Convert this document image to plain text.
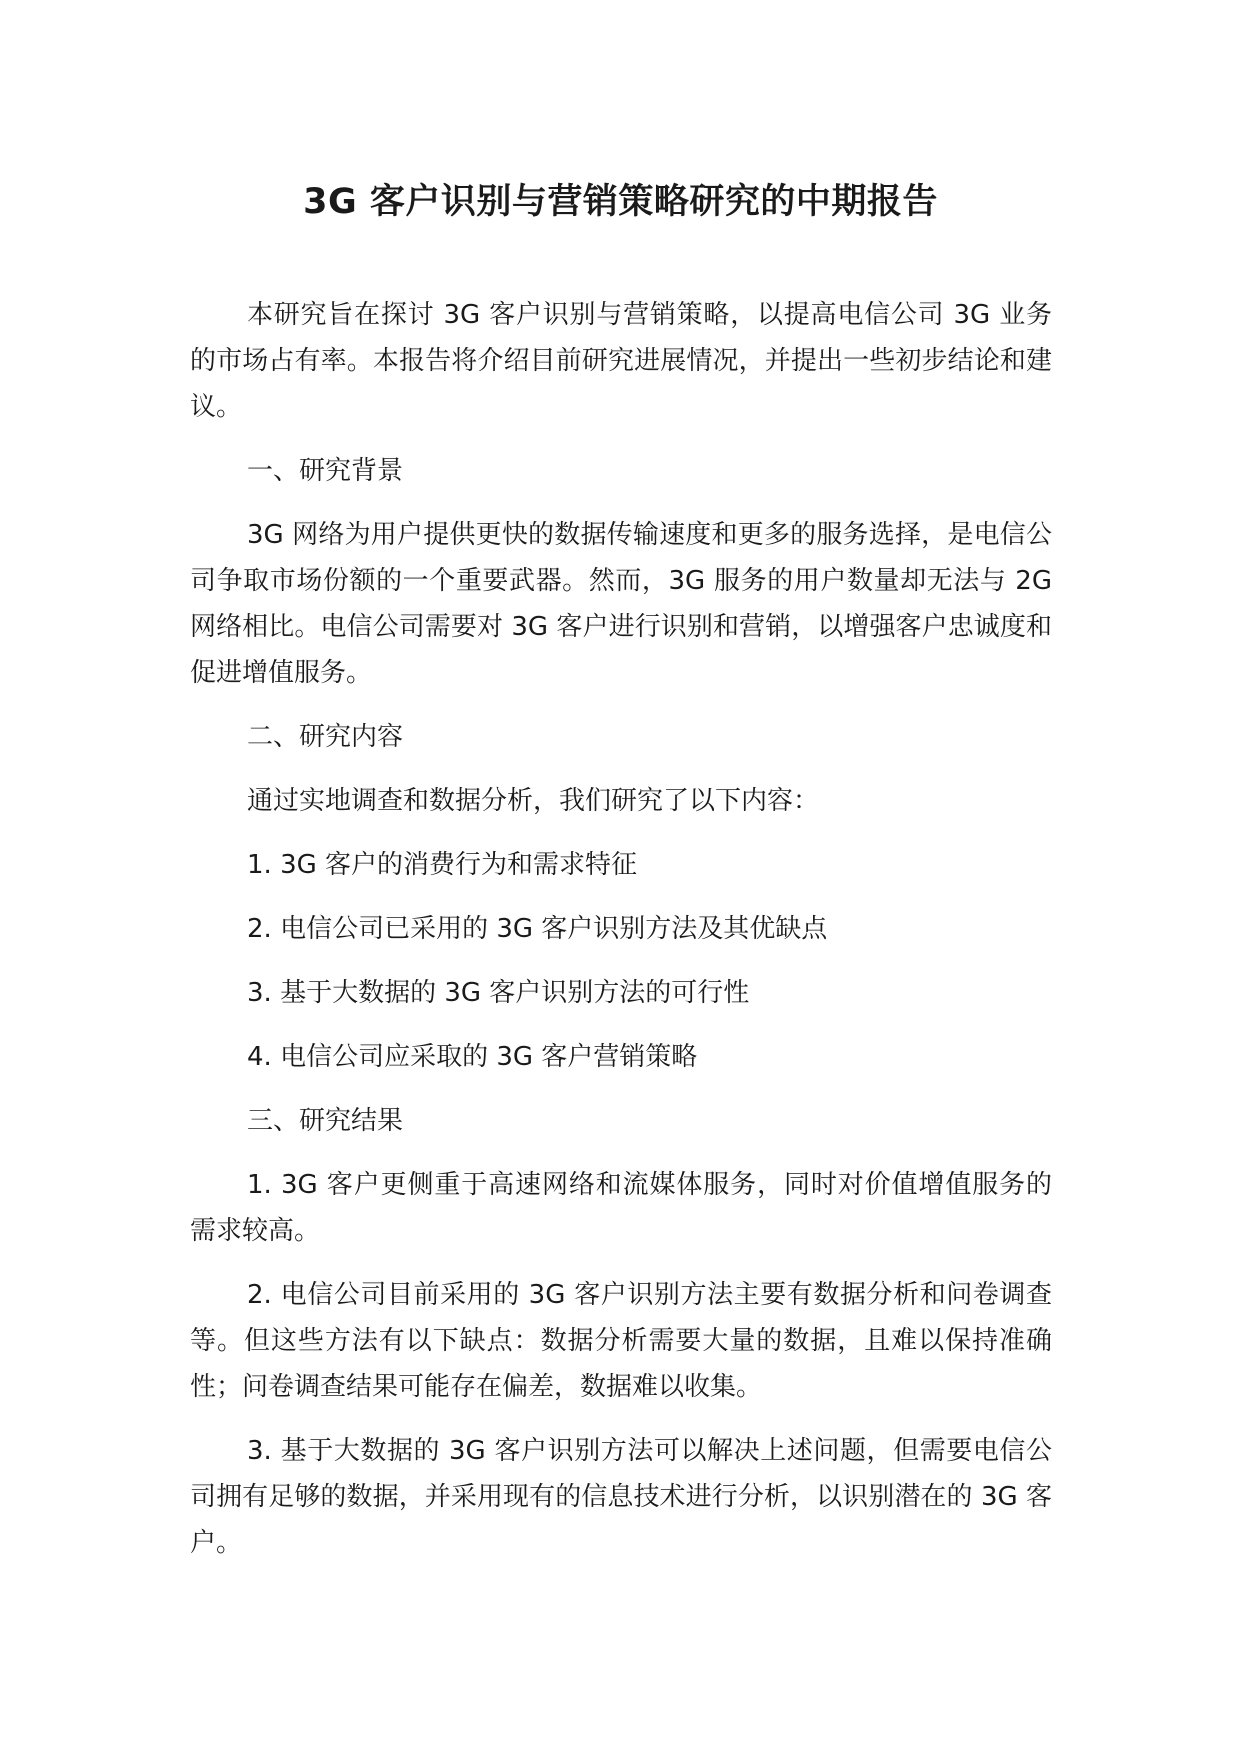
3G 客户识别与营销策略研究的中期报告

本研究旨在探讨 3G 客户识别与营销策略，以提高电信公司 3G 业务的市场占有率。本报告将介绍目前研究进展情况，并提出一些初步结论和建议。

一、研究背景

3G 网络为用户提供更快的数据传输速度和更多的服务选择，是电信公司争取市场份额的一个重要武器。然而，3G 服务的用户数量却无法与 2G 网络相比。电信公司需要对 3G 客户进行识别和营销，以增强客户忠诚度和促进增值服务。

二、研究内容

通过实地调查和数据分析，我们研究了以下内容：

1. 3G 客户的消费行为和需求特征

2. 电信公司已采用的 3G 客户识别方法及其优缺点

3. 基于大数据的 3G 客户识别方法的可行性

4. 电信公司应采取的 3G 客户营销策略

三、研究结果

1. 3G 客户更侧重于高速网络和流媒体服务，同时对价值增值服务的需求较高。

2. 电信公司目前采用的 3G 客户识别方法主要有数据分析和问卷调查等。但这些方法有以下缺点：数据分析需要大量的数据，且难以保持准确性；问卷调查结果可能存在偏差，数据难以收集。

3. 基于大数据的 3G 客户识别方法可以解决上述问题，但需要电信公司拥有足够的数据，并采用现有的信息技术进行分析，以识别潜在的 3G 客户。
